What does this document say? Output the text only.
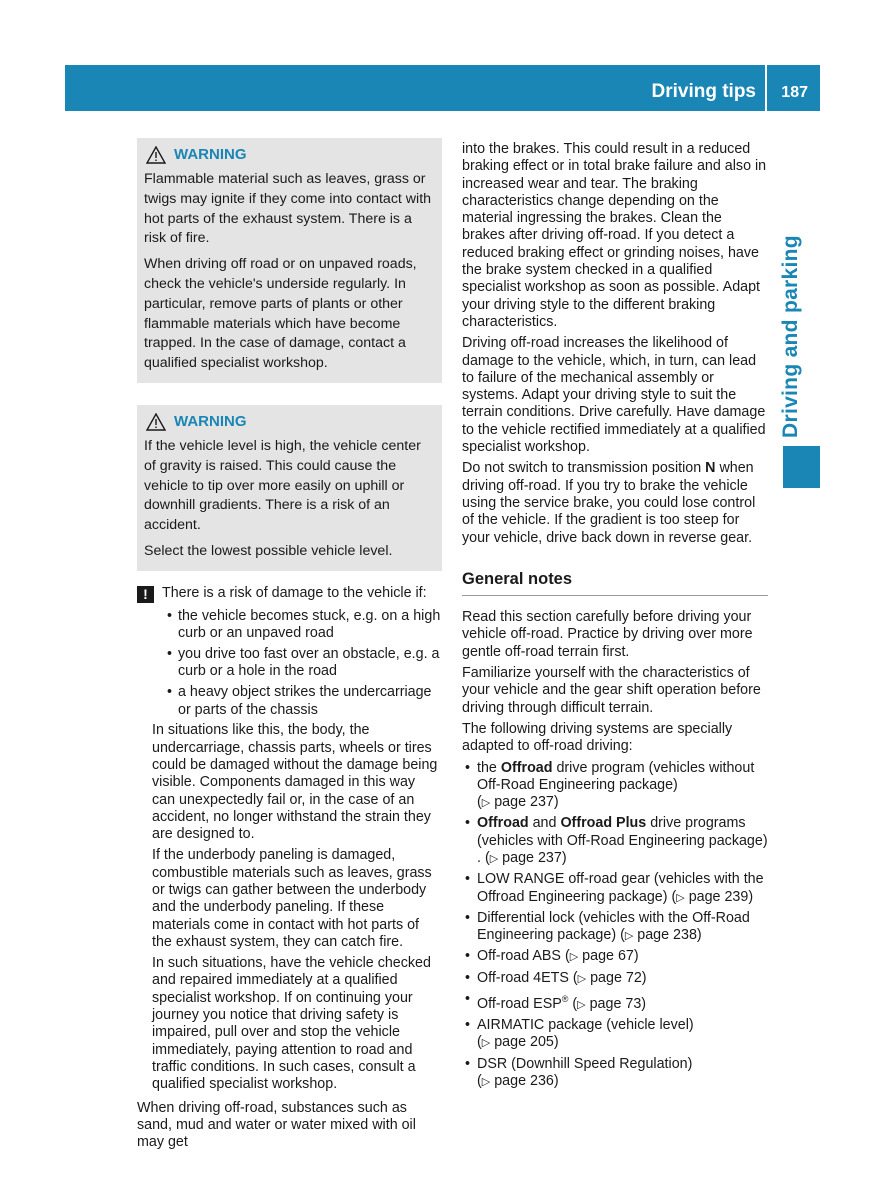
Driving tips 187
Driving and parking
WARNING

Flammable material such as leaves, grass or twigs may ignite if they come into contact with hot parts of the exhaust system. There is a risk of fire.

When driving off road or on unpaved roads, check the vehicle's underside regularly. In particular, remove parts of plants or other flammable materials which have become trapped. In the case of damage, contact a qualified specialist workshop.

WARNING

If the vehicle level is high, the vehicle center of gravity is raised. This could cause the vehicle to tip over more easily on uphill or downhill gradients. There is a risk of an accident.

Select the lowest possible vehicle level.

! There is a risk of damage to the vehicle if:

• the vehicle becomes stuck, e.g. on a high curb or an unpaved road
• you drive too fast over an obstacle, e.g. a curb or a hole in the road
• a heavy object strikes the undercarriage or parts of the chassis

In situations like this, the body, the undercarriage, chassis parts, wheels or tires could be damaged without the damage being visible. Components damaged in this way can unexpectedly fail or, in the case of an accident, no longer withstand the strain they are designed to.

If the underbody paneling is damaged, combustible materials such as leaves, grass or twigs can gather between the underbody and the underbody paneling. If these materials come in contact with hot parts of the exhaust system, they can catch fire.

In such situations, have the vehicle checked and repaired immediately at a qualified specialist workshop. If on continuing your journey you notice that driving safety is impaired, pull over and stop the vehicle immediately, paying attention to road and traffic conditions. In such cases, consult a qualified specialist workshop.

When driving off-road, substances such as sand, mud and water or water mixed with oil may get

into the brakes. This could result in a reduced braking effect or in total brake failure and also in increased wear and tear. The braking characteristics change depending on the material ingressing the brakes. Clean the brakes after driving off-road. If you detect a reduced braking effect or grinding noises, have the brake system checked in a qualified specialist workshop as soon as possible. Adapt your driving style to the different braking characteristics.

Driving off-road increases the likelihood of damage to the vehicle, which, in turn, can lead to failure of the mechanical assembly or systems. Adapt your driving style to suit the terrain conditions. Drive carefully. Have damage to the vehicle rectified immediately at a qualified specialist workshop.

Do not switch to transmission position N when driving off-road. If you try to brake the vehicle using the service brake, you could lose control of the vehicle. If the gradient is too steep for your vehicle, drive back down in reverse gear.

General notes

Read this section carefully before driving your vehicle off-road. Practice by driving over more gentle off-road terrain first.

Familiarize yourself with the characteristics of your vehicle and the gear shift operation before driving through difficult terrain.

The following driving systems are specially adapted to off-road driving:

• the Offroad drive program (vehicles without Off-Road Engineering package)
(▷ page 237)
• Offroad and Offroad Plus drive programs (vehicles with Off-Road Engineering package) . (▷ page 237)
• LOW RANGE off-road gear (vehicles with the Offroad Engineering package) (▷ page 239)
• Differential lock (vehicles with the Off-Road Engineering package) (▷ page 238)
• Off-road ABS (▷ page 67)
• Off-road 4ETS (▷ page 72)
• Off-road ESP® (▷ page 73)
• AIRMATIC package (vehicle level)
(▷ page 205)
• DSR (Downhill Speed Regulation)
(▷ page 236)
